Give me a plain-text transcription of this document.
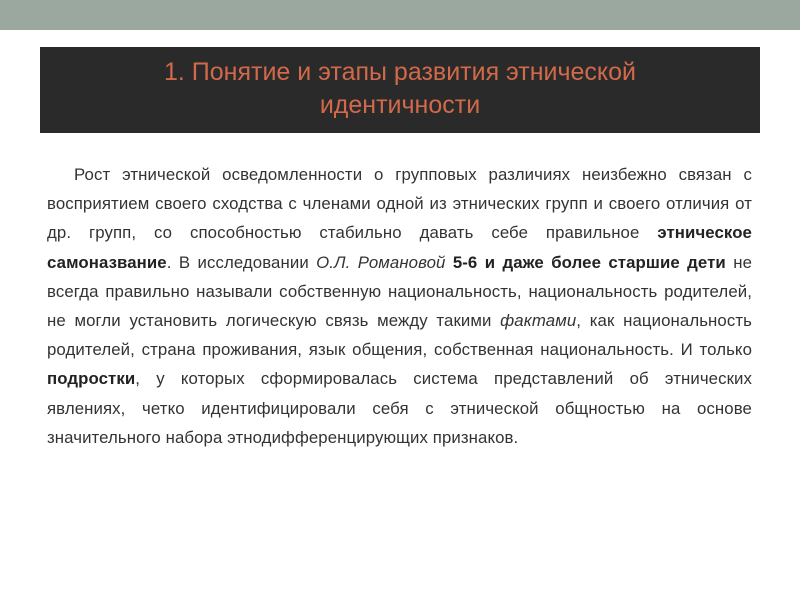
1. Понятие и этапы развития этнической идентичности
Рост этнической осведомленности о групповых различиях неизбежно связан с восприятием своего сходства с членами одной из этнических групп и своего отличия от др. групп, со способностью стабильно давать себе правильное этническое самоназвание. В исследовании О.Л. Романовой 5-6 и даже более старшие дети не всегда правильно называли собственную национальность, национальность родителей, не могли установить логическую связь между такими фактами, как национальность родителей, страна проживания, язык общения, собственная национальность. И только подростки, у которых сформировалась система представлений об этнических явлениях, четко идентифицировали себя с этнической общностью на основе значительного набора этнодифференцирующих признаков.
